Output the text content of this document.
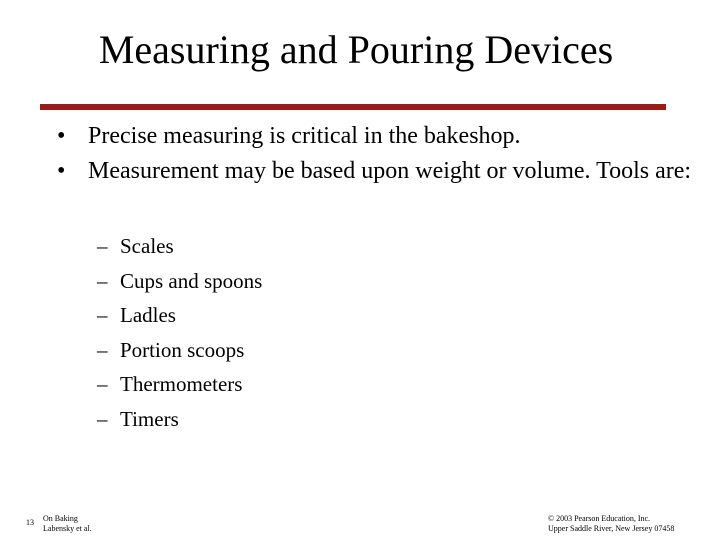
Measuring and Pouring Devices
• Precise measuring is critical in the bakeshop.
• Measurement may be based upon weight or volume. Tools are:
– Scales
– Cups and spoons
– Ladles
– Portion scoops
– Thermometers
– Timers
13 On Baking
Labensky et al.
© 2003 Pearson Education, Inc.
Upper Saddle River, New Jersey 07458
